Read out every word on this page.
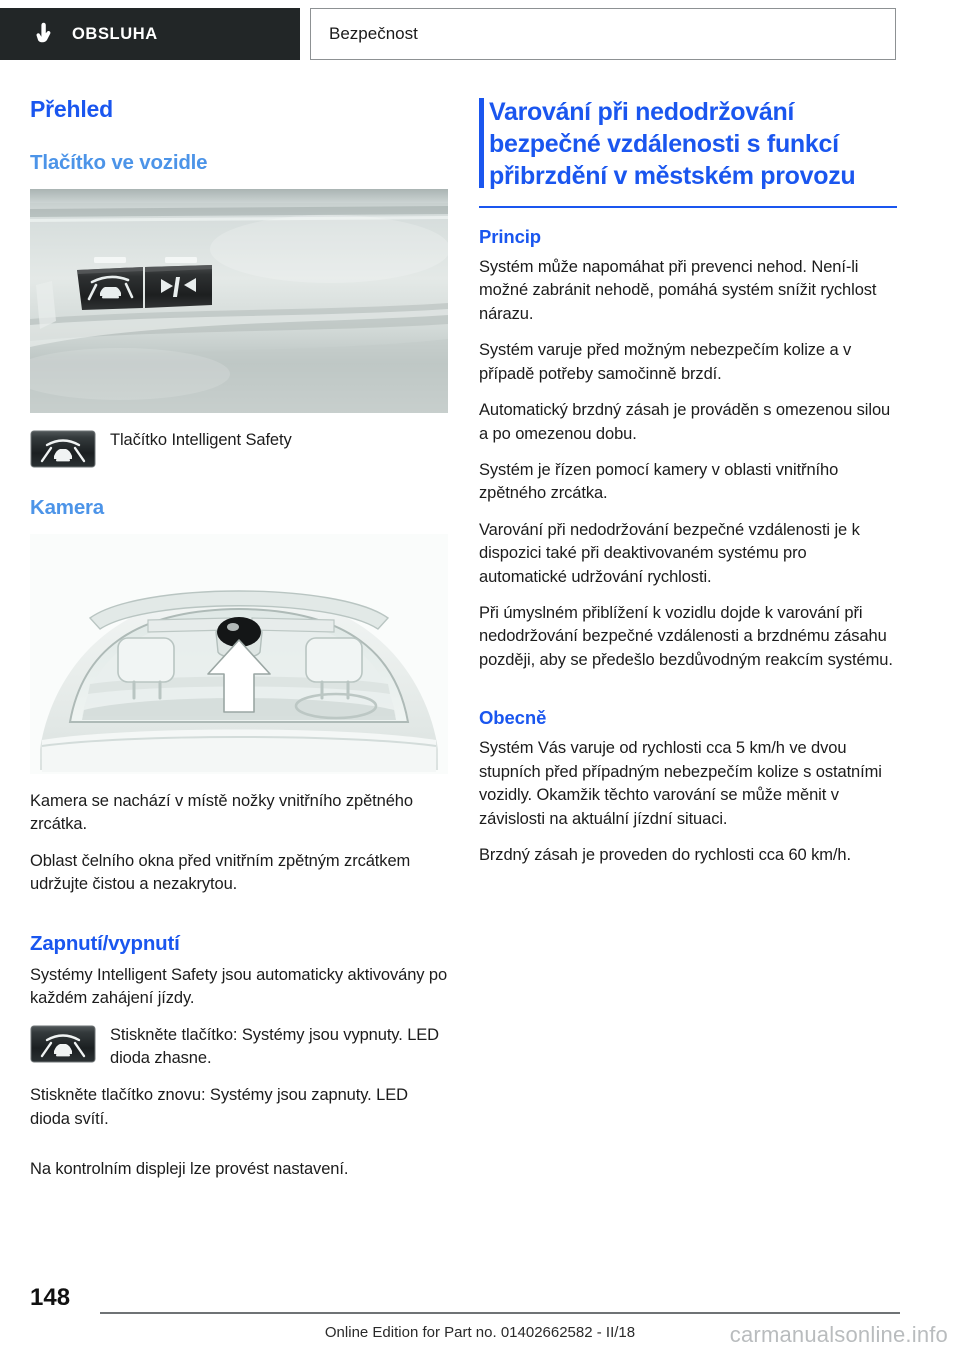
OBSLUHA	Bezpečnost
Přehled
Tlačítko ve vozidle
Tlačítko Intelligent Safety
Kamera

Kamera se nachází v místě nožky vnitřního zpětného zrcátka.

Oblast čelního okna před vnitřním zpětným zrcátkem udržujte čistou a nezakrytou.

Zapnutí/vypnutí

Systémy Intelligent Safety jsou automaticky aktivovány po každém zahájení jízdy.

Stiskněte tlačítko: Systémy jsou vypnuty. LED dioda zhasne.

Stiskněte tlačítko znovu: Systémy jsou zapnuty. LED dioda svítí.

Na kontrolním displeji lze provést nastavení.

Varování při nedodržování bezpečné vzdálenosti s funkcí přibrzdění v městském provozu
Princip

Systém může napomáhat při prevenci nehod. Není-li možné zabránit nehodě, pomáhá systém snížit rychlost nárazu.

Systém varuje před možným nebezpečím kolize a v případě potřeby samočinně brzdí.

Automatický brzdný zásah je prováděn s omezenou silou a po omezenou dobu.

Systém je řízen pomocí kamery v oblasti vnitřního zpětného zrcátka.

Varování při nedodržování bezpečné vzdálenosti je k dispozici také při deaktivovaném systému pro automatické udržování rychlosti.

Při úmyslném přiblížení k vozidlu dojde k varování při nedodržování bezpečné vzdálenosti a brzdnému zásahu později, aby se předešlo bezdůvodným reakcím systému.

Obecně

Systém Vás varuje od rychlosti cca 5 km/h ve dvou stupních před případným nebezpečím kolize s ostatními vozidly. Okamžik těchto varování se může měnit v závislosti na aktuální jízdní situaci.

Brzdný zásah je proveden do rychlosti cca 60 km/h.

148
Online Edition for Part no. 01402662582 - II/18	carmanualsonline.info
